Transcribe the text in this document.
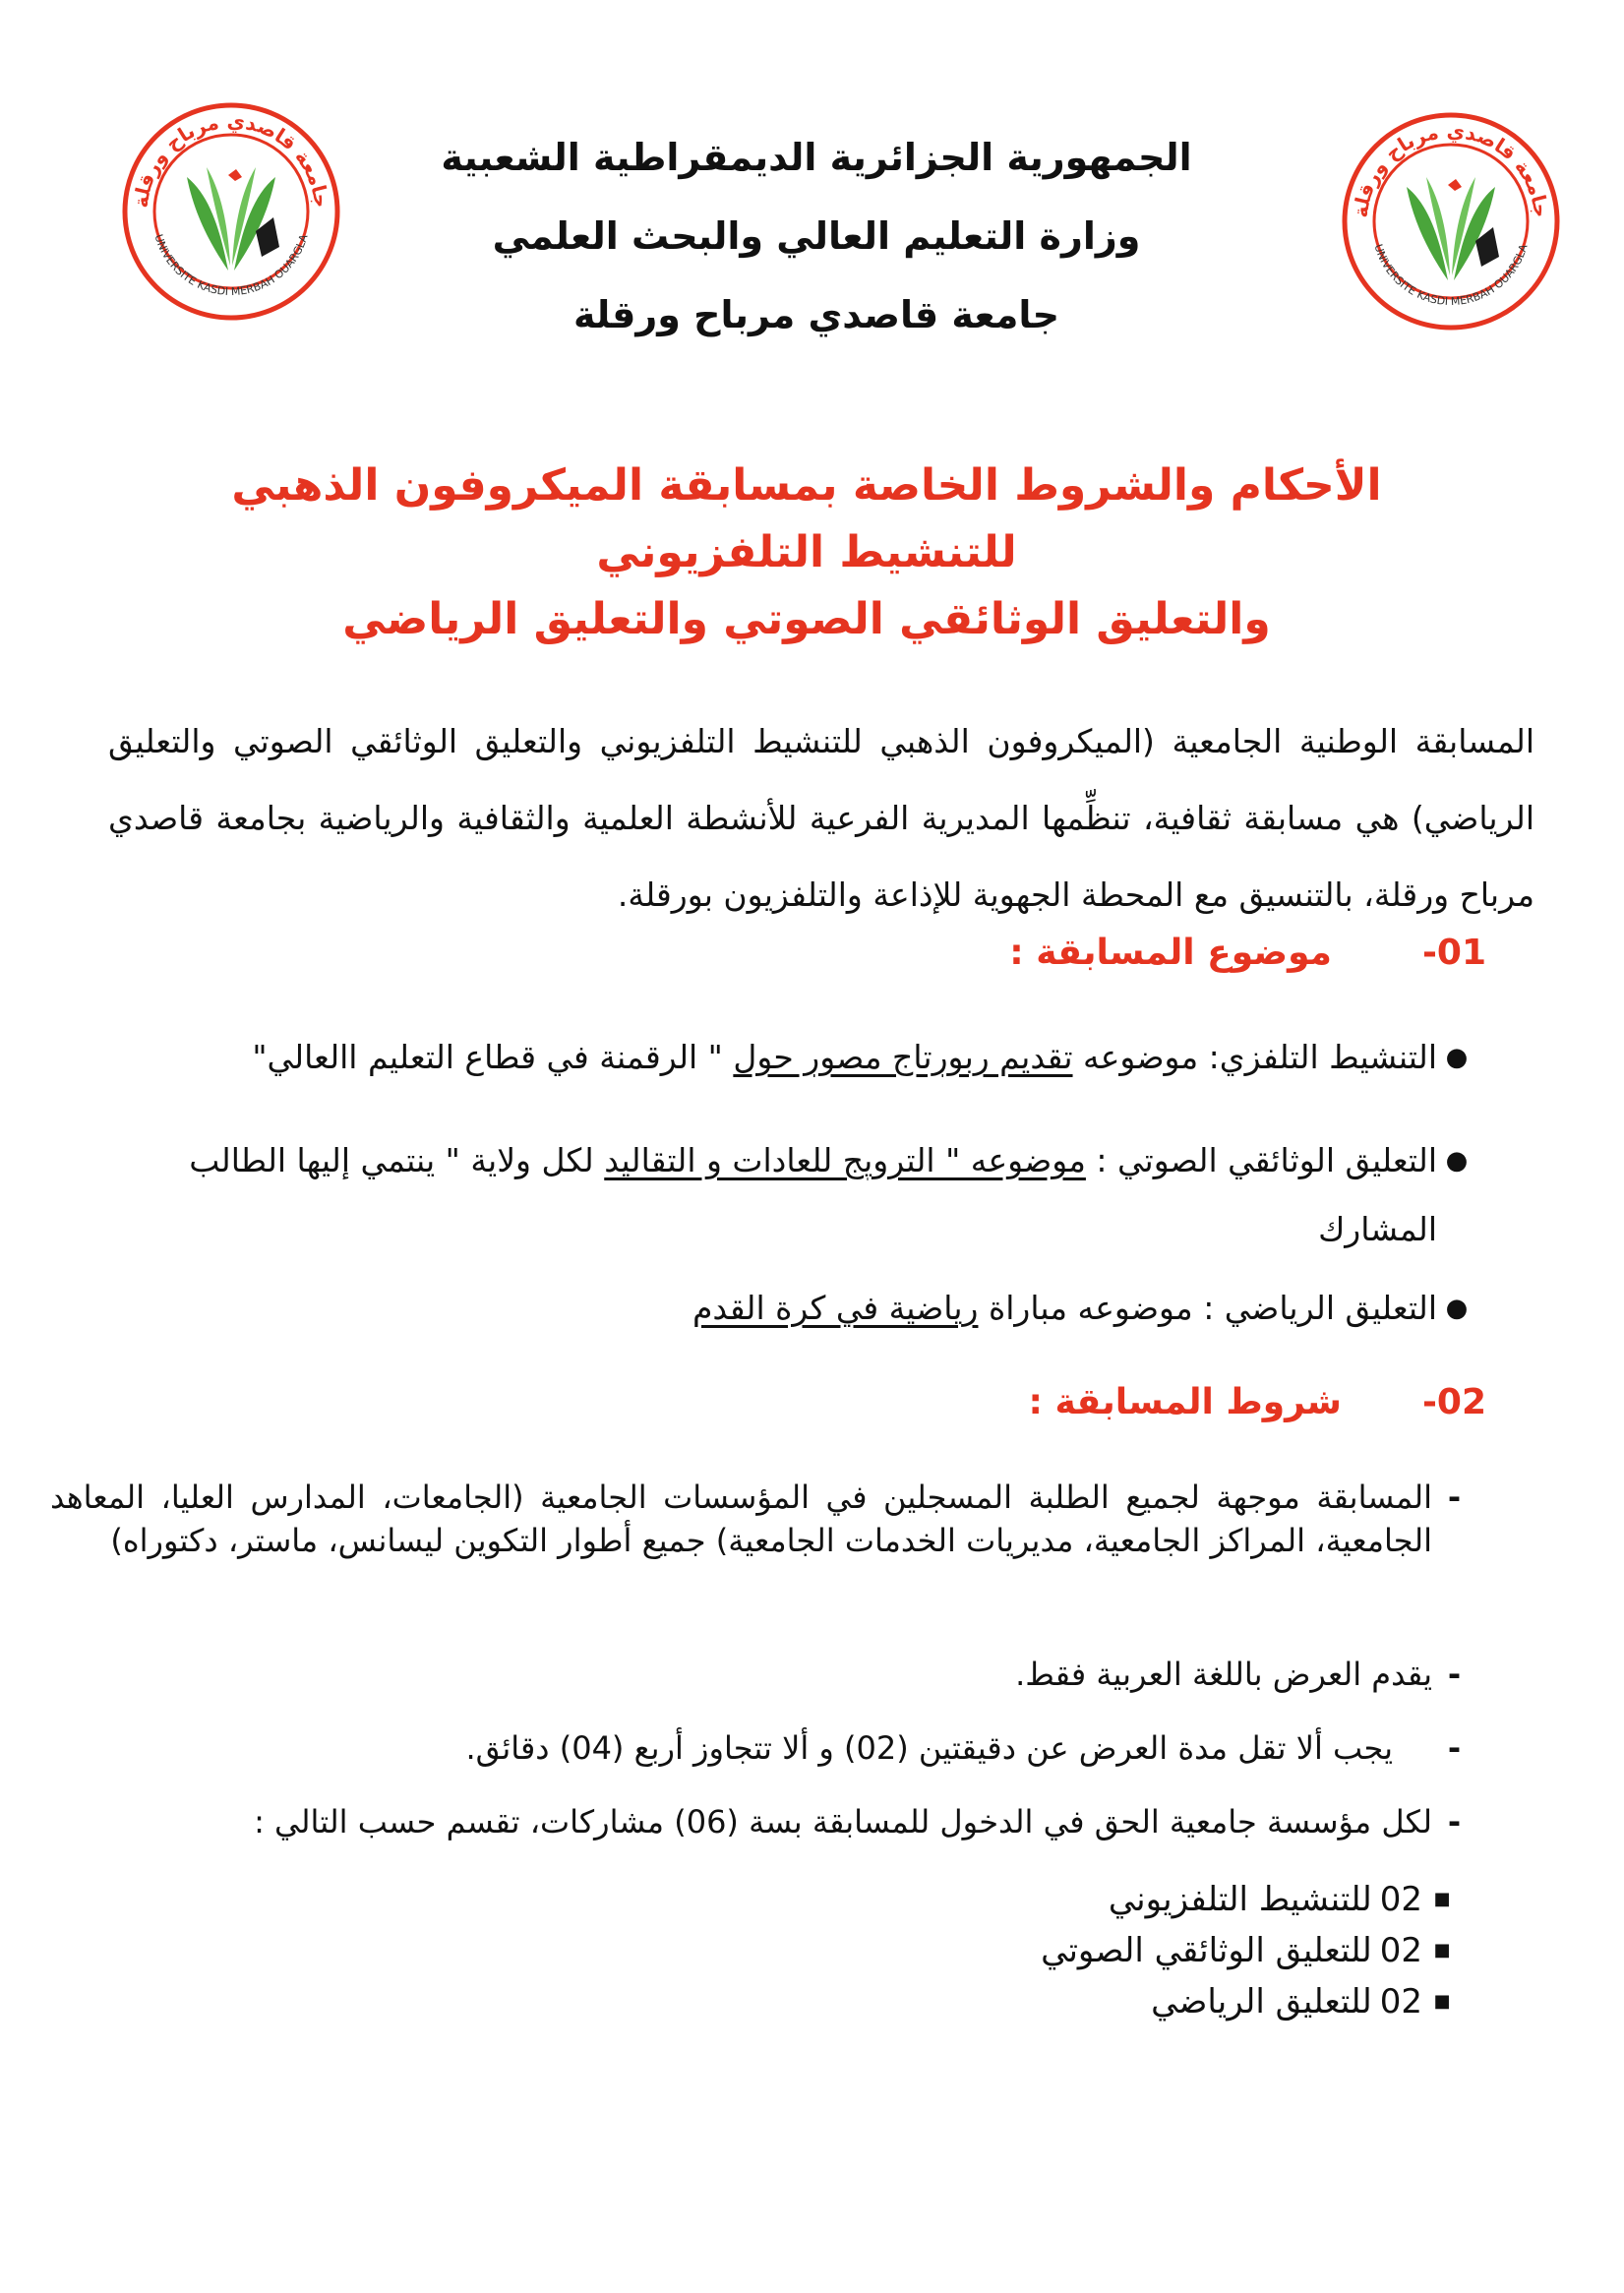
جامعة قاصدي مرباح ورقلة
UNIVERSITE KASDI MERBAH OUARGLA
جامعة قاصدي مرباح ورقلة
UNIVERSITE KASDI MERBAH OUARGLA
الجمهورية الجزائرية الديمقراطية الشعبية
وزارة التعليم العالي والبحث العلمي
جامعة قاصدي مرباح ورقلة
الأحكام والشروط الخاصة بمسابقة الميكروفون الذهبي للتنشيط التلفزيوني
والتعليق الوثائقي الصوتي والتعليق الرياضي

المسابقة الوطنية الجامعية (الميكروفون الذهبي للتنشيط التلفزيوني والتعليق الوثائقي الصوتي والتعليق الرياضي) هي مسابقة ثقافية، تنظِّمها المديرية الفرعية للأنشطة العلمية والثقافية والرياضية بجامعة قاصدي مرباح ورقلة، بالتنسيق مع المحطة الجهوية للإذاعة والتلفزيون بورقلة.

-01
موضوع المسابقة :
●
التنشيط التلفزي: موضوعه تقديم ربورتاج مصور حول " الرقمنة في قطاع التعليم االعالي"
●
التعليق الوثائقي الصوتي : موضوعه " الترويج للعادات و التقاليد لكل ولاية " ينتمي إليها الطالب المشارك
●
التعليق الرياضي : موضوعه مباراة رياضية في كرة القدم
-02
شروط المسابقة :
-
المسابقة موجهة لجميع الطلبة المسجلين في المؤسسات الجامعية (الجامعات، المدارس العليا، المعاهد الجامعية، المراكز الجامعية، مديريات الخدمات الجامعية) جميع أطوار التكوين ليسانس، ماستر، دكتوراه)
-
يقدم العرض باللغة العربية فقط.
-
يجب ألا تقل مدة العرض عن دقيقتين (02) و ألا تتجاوز أربع (04) دقائق.
-
لكل مؤسسة جامعية الحق في الدخول للمسابقة بسة (06) مشاركات، تقسم حسب التالي :
■
02
للتنشيط التلفزيوني
■
02
للتعليق الوثائقي الصوتي
■
02
للتعليق الرياضي
